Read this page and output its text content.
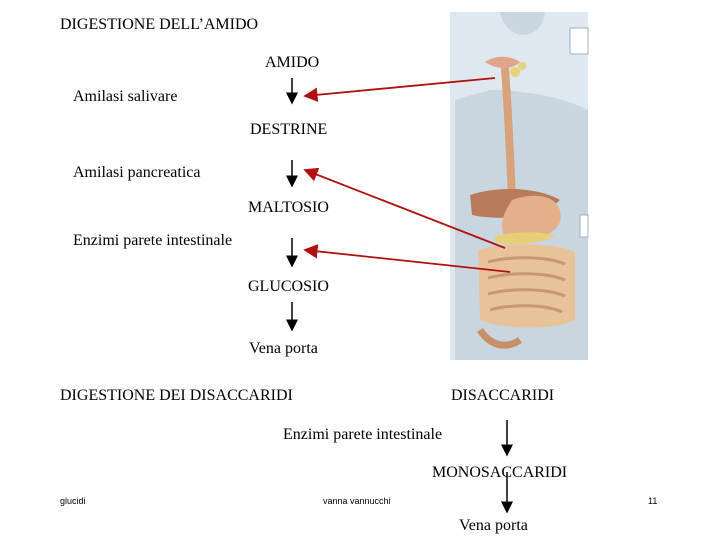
DIGESTIONE DELL’AMIDO
AMIDO
Amilasi salivare
DESTRINE
Amilasi pancreatica
MALTOSIO
Enzimi parete intestinale
GLUCOSIO
Vena porta
DIGESTIONE DEI DISACCARIDI	DISACCARIDI
Enzimi parete intestinale
MONOSACCARIDI
Vena porta
glucidi	vanna vannucchi	11
